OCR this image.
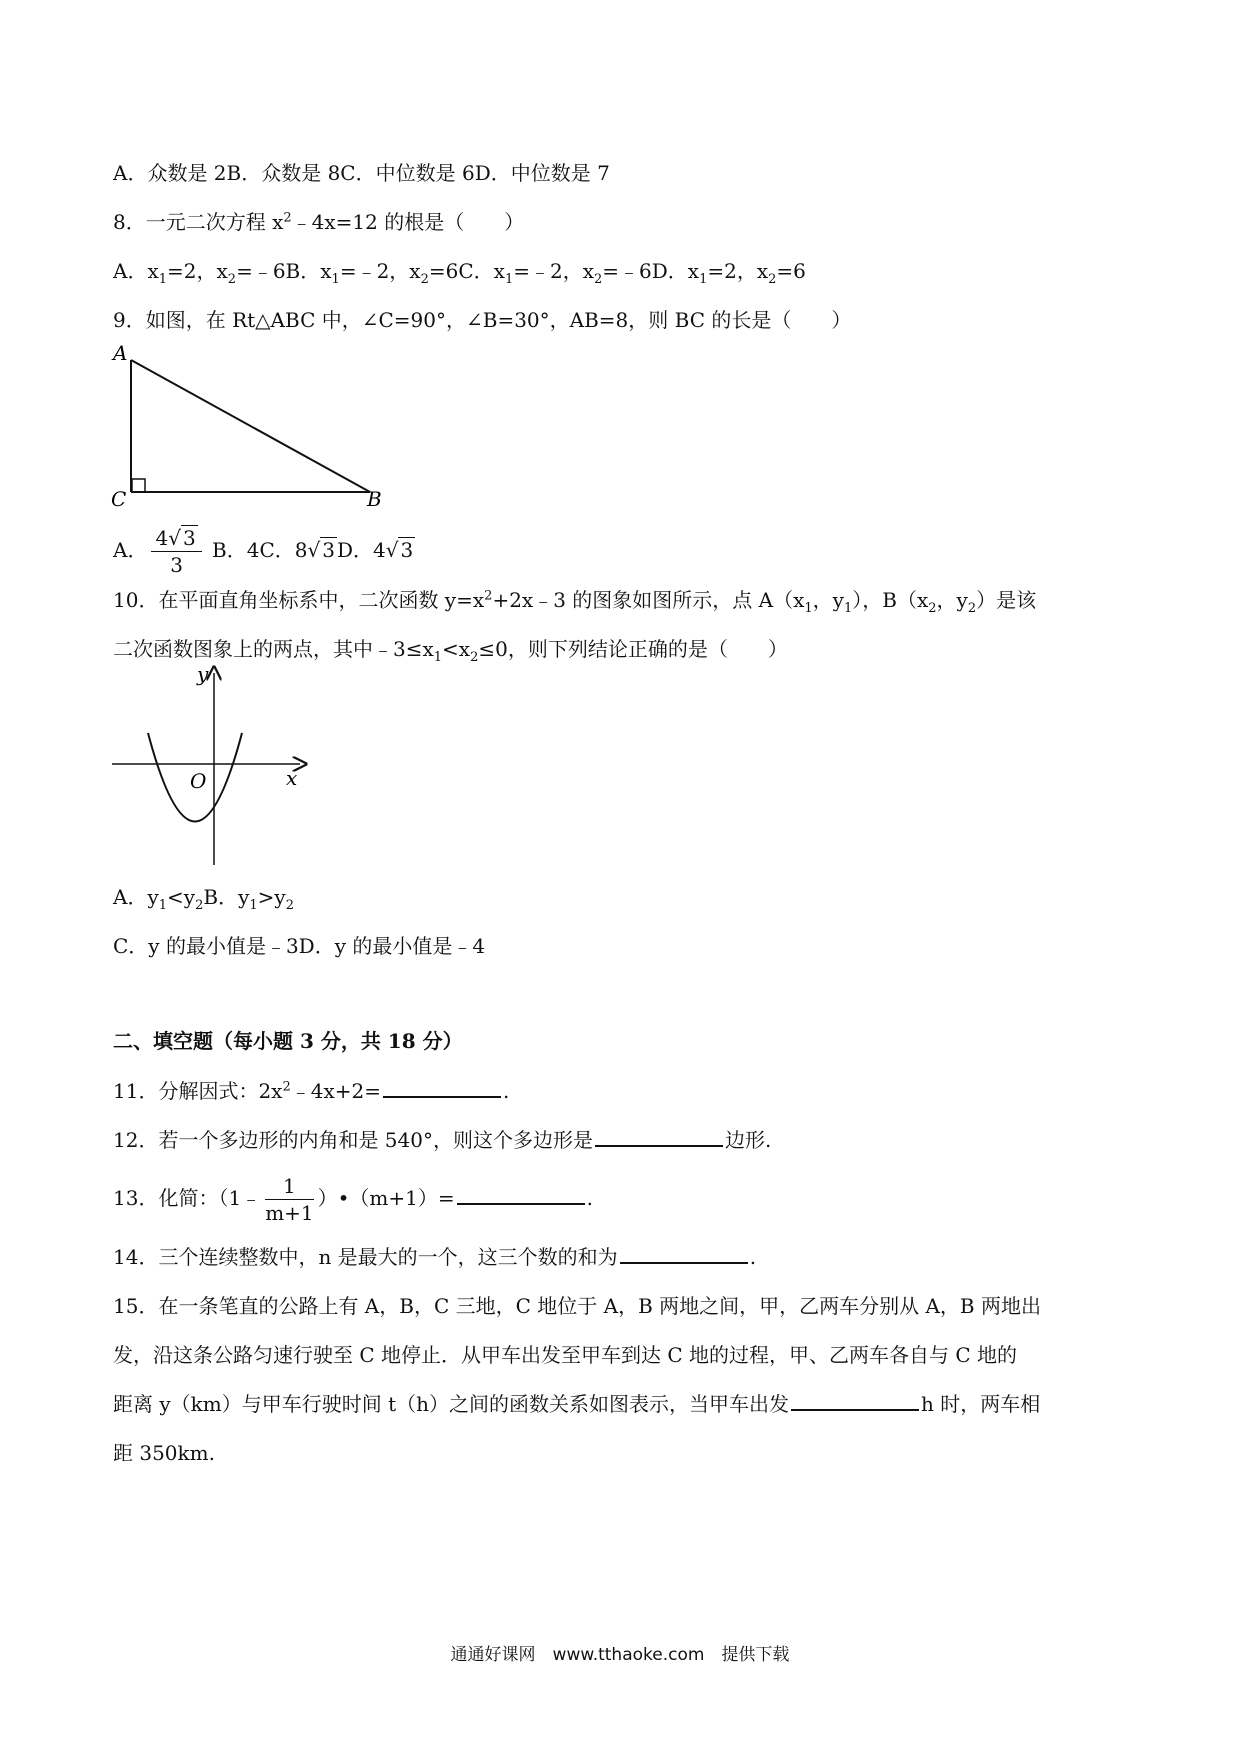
A．众数是 2B．众数是 8C．中位数是 6D．中位数是 7
8．一元二次方程 $x^2﹣4x=12$ 的根是（　　）
A．$x_1=2$，$x_2=﹣6B$．$x_1=﹣2$，$x_2=6C$．$x_1=﹣2$，$x_2=﹣6D$．$x_1=2$，$x_2=6$
9．如图，在 Rt△ABC 中，∠C=90°，∠B=30°，AB=8，则 BC 的长是（　　）
A
C	B
A． $\frac{4√ 3}{3}$ B．4C．8√ 3 D．4√ 3
10．在平面直角坐标系中，二次函数 $y=x^2+2x﹣3$ 的图象如图所示，点 $A(x_1$，$y_1$），$B(x_2$，$y_2$）是该
二次函数图象上的两点，其中$﹣3\le x_1<x_2\le 0$，则下列结论正确的是（　　）
y
x
O
A．$y_1<y_2B$．$y_1>y_2$
C．y 的最小值是﹣3D．y 的最小值是﹣4
二、填空题（每小题 3 分，共 18 分）
11．分解因式：$2x^2﹣4x+2=$	.
12．若一个多边形的内角和是 540°，则这个多边形是	边形.
13．化简：（1﹣ $\frac{1}{m+1}$ ）•（m+1）=	.
14．三个连续整数中，n 是最大的一个，这三个数的和为	.
15．在一条笔直的公路上有 A，B，C 三地，C 地位于 A，B 两地之间，甲，乙两车分别从 A，B 两地出
发，沿这条公路匀速行驶至 C 地停止．从甲车出发至甲车到达 C 地的过程，甲、乙两车各自与 C 地的
距离 y（km）与甲车行驶时间 t（h）之间的函数关系如图表示，当甲车出发	h 时，两车相
距 350km.
通通好课网　www.tthaoke.com　提供下载
